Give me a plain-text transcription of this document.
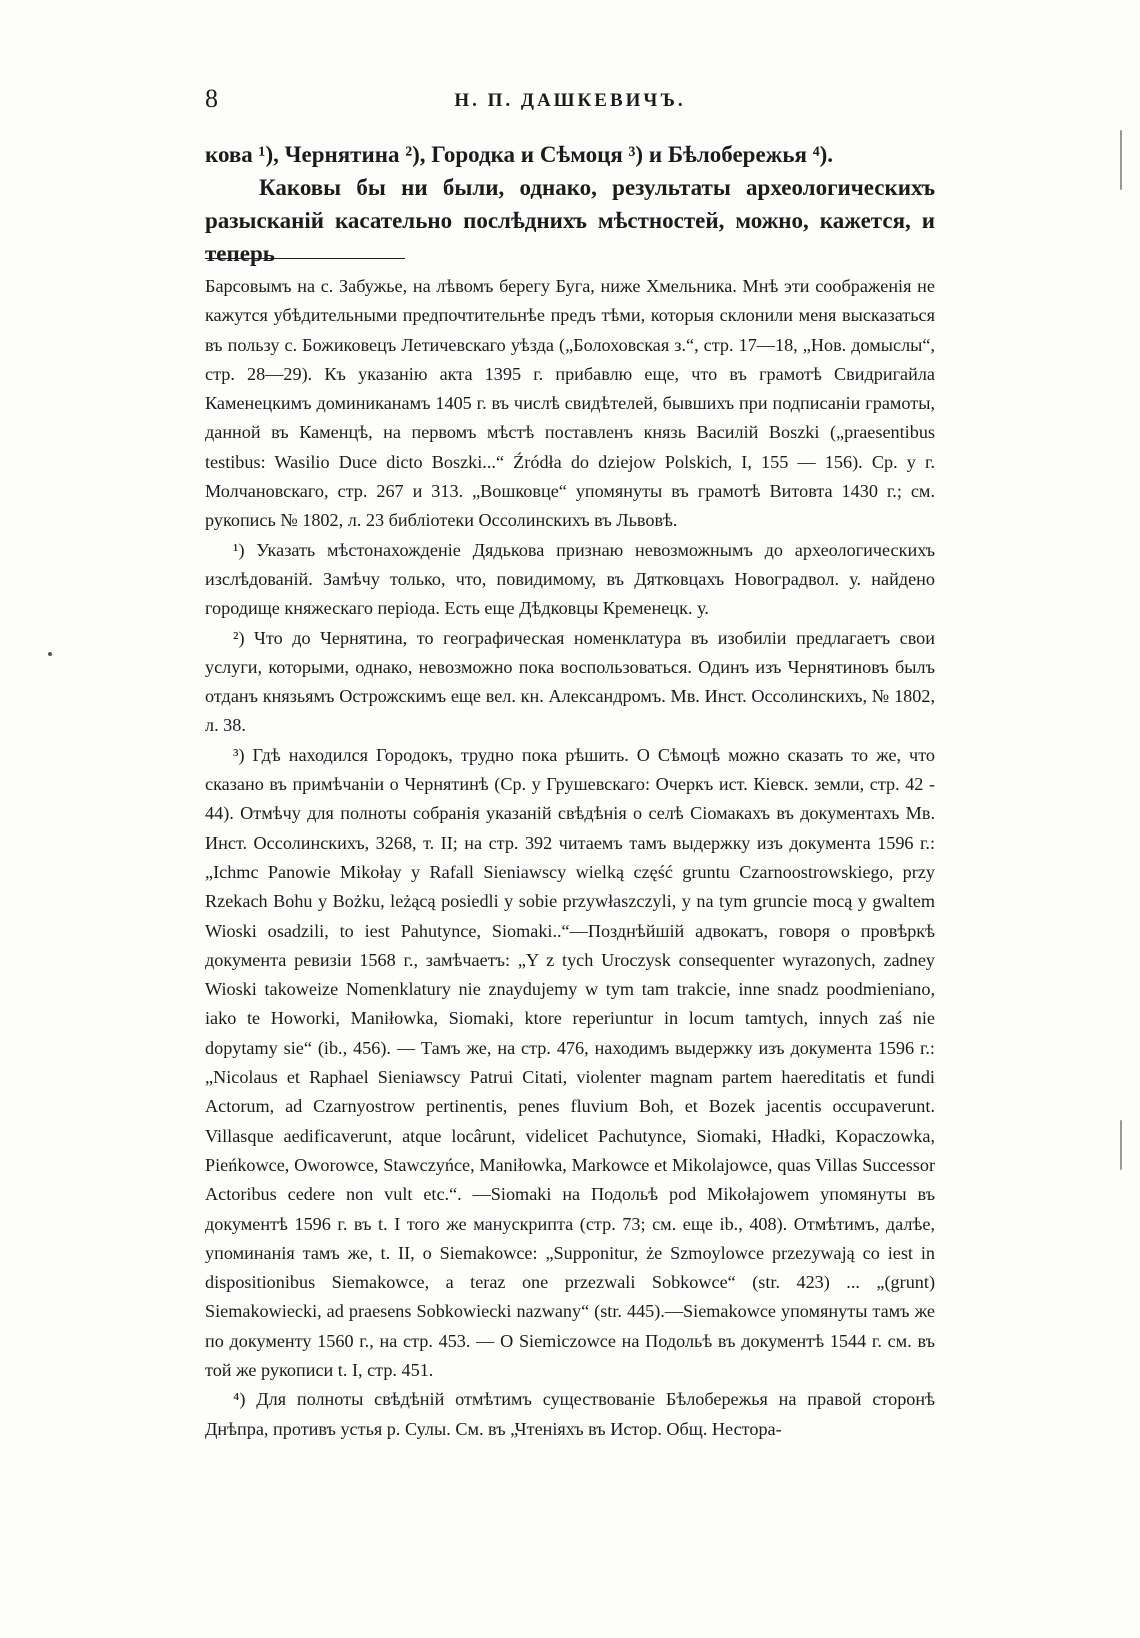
8	Н. П. ДАШКЕВИЧЪ.

кова ¹), Чернятина ²), Городка и Сѣмоця ³) и Бѣлобережья ⁴).

Каковы бы ни были, однако, результаты археологическихъ разысканій касательно послѣднихъ мѣстностей, можно, кажется, и теперь

Барсовымъ на с. Забужье, на лѣвомъ берегу Буга, ниже Хмельника. Мнѣ эти соображенія не кажутся убѣдительными предпочтительнѣе предъ тѣми, которыя склонили меня высказаться въ пользу с. Божиковецъ Летичевскаго уѣзда („Болоховская з.“, стр. 17—18, „Нов. домыслы“, стр. 28—29). Къ указанію акта 1395 г. прибавлю еще, что въ грамотѣ Свидригайла Каменецкимъ доминиканамъ 1405 г. въ числѣ свидѣтелей, бывшихъ при подписаніи грамоты, данной въ Каменцѣ, на первомъ мѣстѣ поставленъ князь Василій Boszki („praesentibus testibus: Wasilio Duce dicto Boszki...“ Źródła do dziejow Polskich, I, 155 — 156). Ср. у г. Молчановскаго, стр. 267 и 313. „Вошковце“ упомянуты въ грамотѣ Витовта 1430 г.; см. рукопись № 1802, л. 23 библіотеки Оссолинскихъ въ Львовѣ.

¹) Указать мѣстонахожденіе Дядькова признаю невозможнымъ до археологическихъ изслѣдованій. Замѣчу только, что, повидимому, въ Дятковцахъ Новоградвол. у. найдено городище княжескаго періода. Есть еще Дѣдковцы Кременецк. у.

²) Что до Чернятина, то географическая номенклатура въ изобиліи предлагаетъ свои услуги, которыми, однако, невозможно пока воспользоваться. Одинъ изъ Чернятиновъ былъ отданъ князьямъ Острожскимъ еще вел. кн. Александромъ. Мв. Инст. Оссолинскихъ, № 1802, л. 38.

³) Гдѣ находился Городокъ, трудно пока рѣшить. О Сѣмоцѣ можно сказать то же, что сказано въ примѣчаніи о Чернятинѣ (Ср. у Грушевскаго: Очеркъ ист. Кіевск. земли, стр. 42 - 44). Отмѣчу для полноты собранія указаній свѣдѣнія о селѣ Сіомакахъ въ документахъ Мв. Инст. Оссолинскихъ, 3268, т. II; на стр. 392 читаемъ тамъ выдержку изъ документа 1596 г.: „Ichmc Panowie Mikołay y Rafall Sieniawscy wielką część gruntu Czarnoostrowskiego, przy Rzekach Bohu y Bożku, leżącą posiedli y sobie przywłaszczyli, y na tym gruncie mocą y gwaltem Wioski osadzili, to iest Pahutynce, Siomaki..“—Позднѣйшій адвокатъ, говоря о провѣркѣ документа ревизіи 1568 г., замѣчаетъ: „Y z tych Uroczysk consequenter wyrazonych, zadney Wioski takoweize Nomenklatury nie znaydujemy w tym tam trakcie, inne snadz poodmieniano, iako te Howorki, Maniłowka, Siomaki, ktore reperiuntur in locum tamtych, innych zaś nie dopytamy sie“ (ib., 456). — Тамъ же, на стр. 476, находимъ выдержку изъ документа 1596 г.: „Nicolaus et Raphael Sieniawscy Patrui Citati, violenter magnam partem haereditatis et fundi Actorum, ad Czarnyostrow pertinentis, penes fluvium Boh, et Bozek jacentis occupaverunt. Villasque aedificaverunt, atque locârunt, videlicet Pachutynce, Siomaki, Hładki, Kopaczowka, Pieńkowce, Oworowce, Stawczyńce, Maniłowka, Markowce et Mikolajowce, quas Villas Successor Actoribus cedere non vult etc.“. —Siomaki на Подольѣ pod Mikołajowem упомянуты въ документѣ 1596 г. въ t. I того же манускрипта (стр. 73; см. еще ib., 408). Отмѣтимъ, далѣе, упоминанія тамъ же, t. II, o Siemakowce: „Supponitur, że Szmoylowce przezywają co iest in dispositionibus Siemakowce, a teraz one przezwali Sobkowce“ (str. 423) ... „(grunt) Siemakowiecki, ad praesens Sobkowiecki nazwany“ (str. 445).—Siemakowce упомянуты тамъ же по документу 1560 г., на стр. 453. — О Siemiczowce на Подольѣ въ документѣ 1544 г. см. въ той же рукописи t. I, стр. 451.

⁴) Для полноты свѣдѣній отмѣтимъ существованіе Бѣлобережья на правой сторонѣ Днѣпра, противъ устья р. Сулы. См. въ „Чтеніяхъ въ Истор. Общ. Нестора-
